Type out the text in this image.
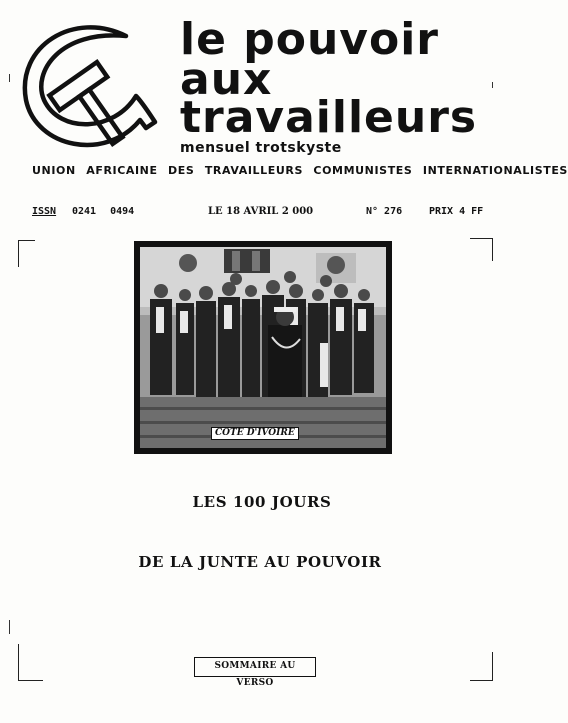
le pouvoir
aux
travailleurs
mensuel trotskyste
UNION AFRICAINE DES TRAVAILLEURS COMMUNISTES INTERNATIONALISTES
ISSN 0241 0494	LE 18 AVRIL 2 000	N° 276	PRIX 4 FF
COTE D'IVOIRE
LES 100 JOURS
DE LA JUNTE AU POUVOIR
SOMMAIRE AU VERSO
